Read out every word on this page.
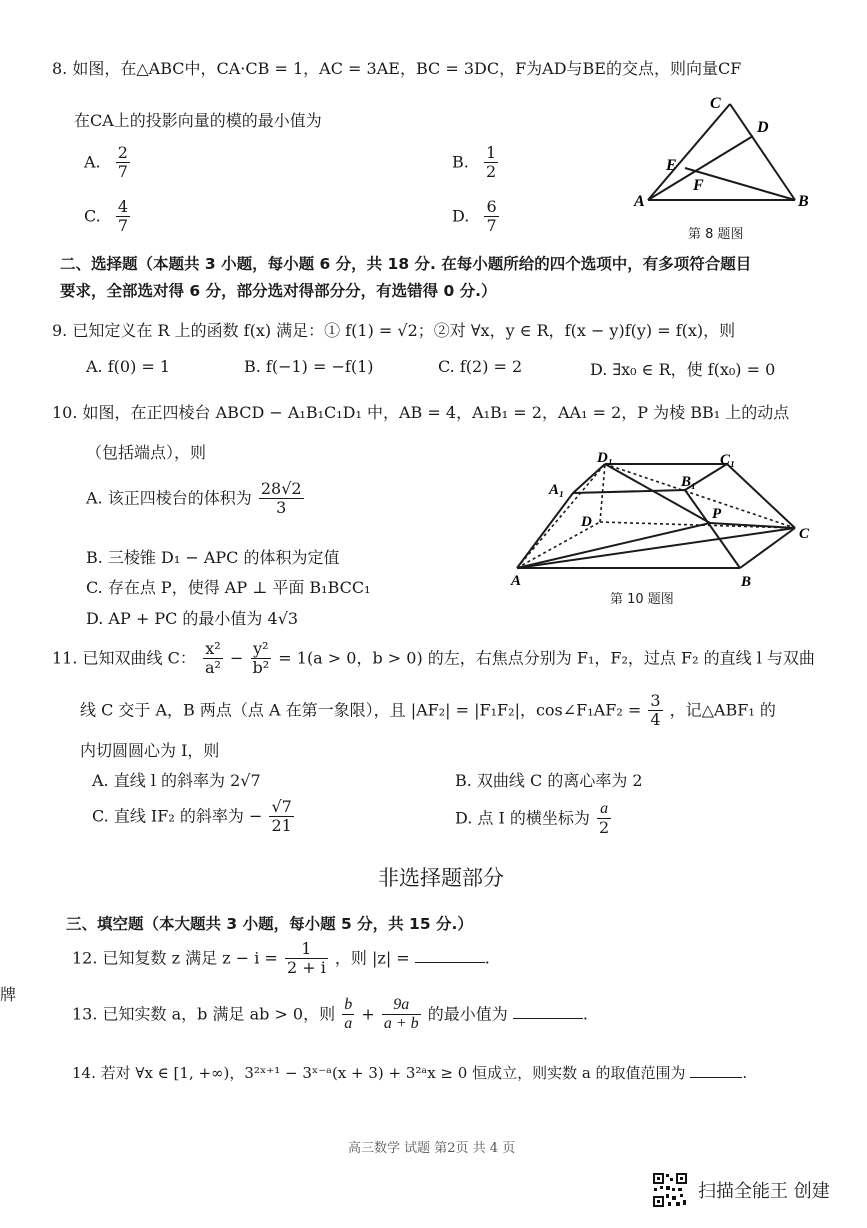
8. 如图，在△ABC中，CA·CB = 1，AC = 3AE，BC = 3DC，F为AD与BE的交点，则向量CF
在CA上的投影向量的模的最小值为
A. $\frac{2}{7}$	B. $\frac{1}{2}$
C. $\frac{4}{7}$	D. $\frac{6}{7}$
C
D
E
F
A	B
第 8 题图
二、选择题（本题共 3 小题，每小题 6 分，共 18 分. 在每小题所给的四个选项中，有多项符合题目
要求，全部选对得 6 分，部分选对得部分分，有选错得 0 分.）
9. 已知定义在 R 上的函数 f(x) 满足：① f(1) = √2；②对 ∀x，y ∈ R，f(x − y)f(y) = f(x)，则
A. f(0) = 1	B. f(−1) = −f(1)	C. f(2) = 2	D. ∃x₀ ∈ R，使 f(x₀) = 0
10. 如图，在正四棱台 ABCD − A₁B₁C₁D₁ 中，AB = 4，A₁B₁ = 2，AA₁ = 2，P 为棱 BB₁ 上的动点
（包括端点），则
A. 该正四棱台的体积为 $\frac{28√2}{3}$
B. 三棱锥 D₁ − APC 的体积为定值
C. 存在点 P，使得 AP ⊥ 平面 B₁BCC₁
D. AP + PC 的最小值为 4√3
D₁	C₁
A₁	B₁
P
D
C
A	B
第 10 题图
11. 已知双曲线 C： $\frac{\text{x²}}{\text{a²}} - \frac{\text{y²}}{\text{b²}} = 1(a > 0$，b > 0) 的左，右焦点分别为 F₁，F₂，过点 F₂ 的直线 l 与双曲
线 C 交于 A，B 两点（点 A 在第一象限），且 |AF₂| = |F₁F₂|，cos∠F₁AF₂ = $\frac{3}{4}$ ，记△ABF₁ 的
内切圆圆心为 I，则
A. 直线 l 的斜率为 2√7	B. 双曲线 C 的离心率为 2
C. 直线 IF₂ 的斜率为 − $\frac{√7}{21}$	D. 点 I 的横坐标为 $\frac{a}{2}$
非选择题部分
三、填空题（本大题共 3 小题，每小题 5 分，共 15 分.）
12. 已知复数 z 满足 $z - i = \frac{1}{2 + i}$ ，则 |z| =	.
13. 已知实数 a，b 满足 ab > 0，则 $\frac{b}{a} + \frac{9a}{a + b}$ 的最小值为	.
14. 若对 ∀x ∈ [1, +∞)，3²ˣ⁺¹ − 3ˣ⁻ᵃ(x + 3) + 3²ᵃx ≥ 0 恒成立，则实数 a 的取值范围为	.
牌
高三数学 试题 第2页 共 4 页
扫描全能王 创建
